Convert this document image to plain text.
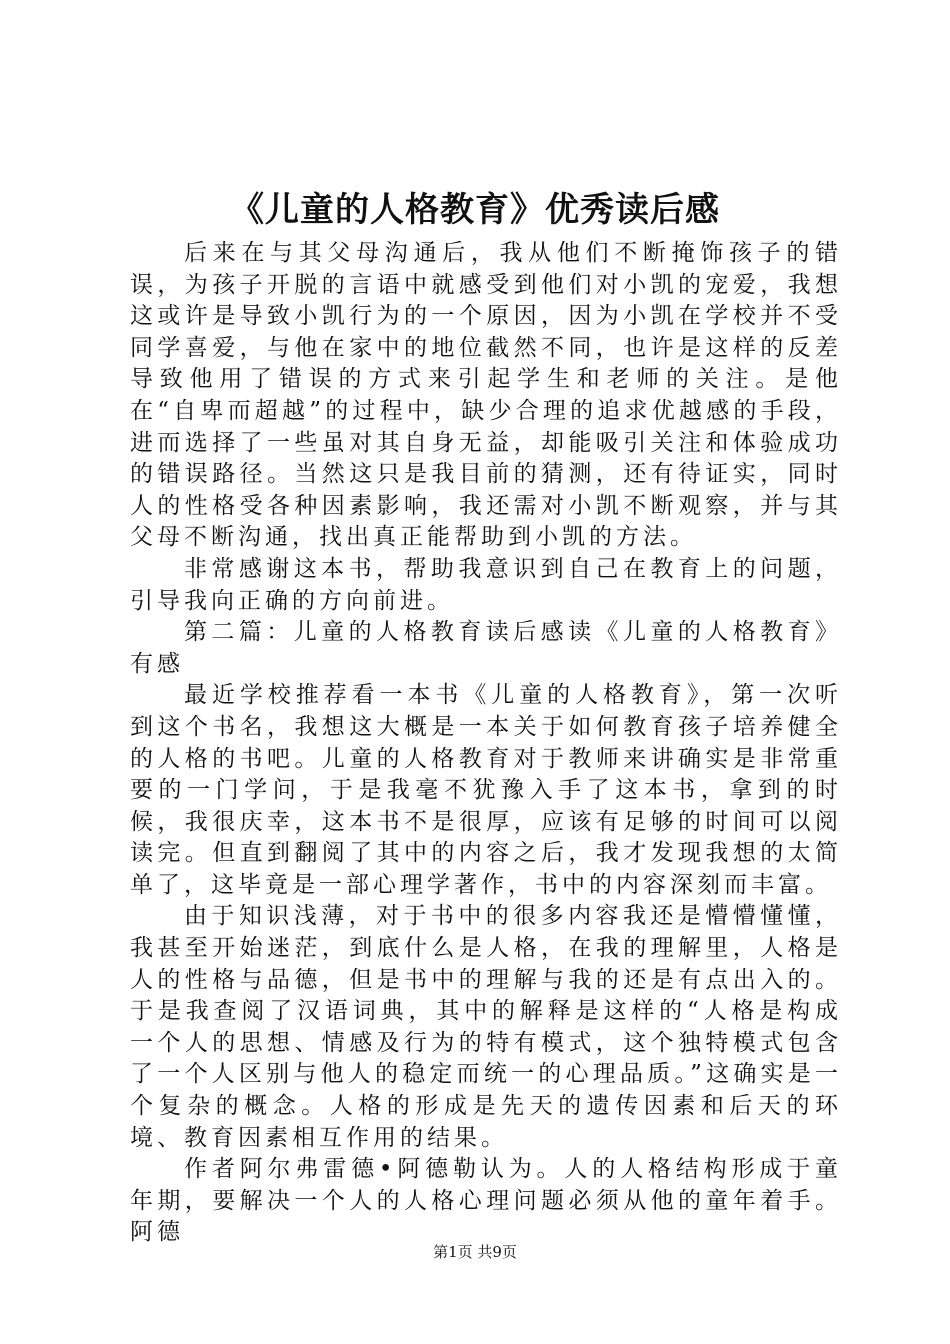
《儿童的人格教育》优秀读后感

后来在与其父母沟通后，我从他们不断掩饰孩子的错误，为孩子开脱的言语中就感受到他们对小凯的宠爱，我想这或许是导致小凯行为的一个原因，因为小凯在学校并不受同学喜爱，与他在家中的地位截然不同，也许是这样的反差导致他用了错误的方式来引起学生和老师的关注。是他在“自卑而超越”的过程中，缺少合理的追求优越感的手段，进而选择了一些虽对其自身无益，却能吸引关注和体验成功的错误路径。当然这只是我目前的猜测，还有待证实，同时人的性格受各种因素影响，我还需对小凯不断观察，并与其父母不断沟通，找出真正能帮助到小凯的方法。

非常感谢这本书，帮助我意识到自己在教育上的问题，引导我向正确的方向前进。

第二篇：儿童的人格教育读后感读《儿童的人格教育》有感

最近学校推荐看一本书《儿童的人格教育》，第一次听到这个书名，我想这大概是一本关于如何教育孩子培养健全的人格的书吧。儿童的人格教育对于教师来讲确实是非常重要的一门学问，于是我毫不犹豫入手了这本书，拿到的时候，我很庆幸，这本书不是很厚，应该有足够的时间可以阅读完。但直到翻阅了其中的内容之后，我才发现我想的太简单了，这毕竟是一部心理学著作，书中的内容深刻而丰富。

由于知识浅薄，对于书中的很多内容我还是懵懵懂懂，我甚至开始迷茫，到底什么是人格，在我的理解里，人格是人的性格与品德，但是书中的理解与我的还是有点出入的。于是我查阅了汉语词典，其中的解释是这样的“人格是构成一个人的思想、情感及行为的特有模式，这个独特模式包含了一个人区别与他人的稳定而统一的心理品质。”这确实是一个复杂的概念。人格的形成是先天的遗传因素和后天的环境、教育因素相互作用的结果。

作者阿尔弗雷德•阿德勒认为。人的人格结构形成于童年期，要解决一个人的人格心理问题必须从他的童年着手。阿德

第1页 共9页
